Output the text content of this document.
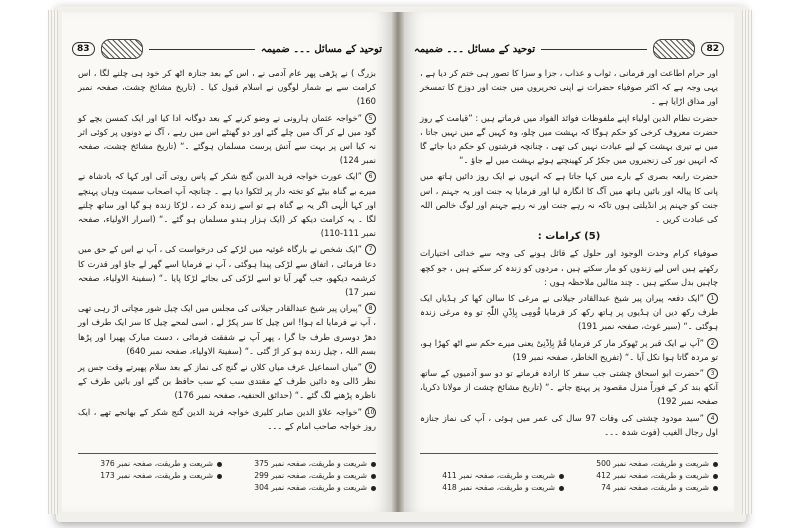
83	توحید کے مسائل ۔۔۔ ضمیمہ

بزرگ ) نے پڑھی پھر عام آدمی نے ، اس کے بعد جنازہ اٹھ کر خود ہی چلنے لگا ، اس کرامت سے بے شمار لوگوں نے اسلام قبول کیا ۔ (تاریخ مشائخ چشت، صفحہ نمبر 160)

5”خواجہ عثمان ہارونی نے وضو کرنے کے بعد دوگانہ ادا کیا اور ایک کمسن بچے کو گود میں لے کر آگ میں چلے گئے اور دو گھنٹے اس میں رہے ، آگ نے دونوں پر کوئی اثر نہ کیا اس پر بہت سے آتش پرست مسلمان ہوگئے ۔“ (تاریخ مشائخ چشت، صفحہ نمبر 124)

6”ایک عورت خواجہ فرید الدین گنج شکر کے پاس روتی آئی اور کہا کہ بادشاہ نے میرے بے گناہ بیٹے کو تختہ دار پر لٹکوا دیا ہے ۔ چنانچہ آپ اصحاب سمیت وہاں پہنچے اور کہا الٰہی اگر یہ بے گناہ ہے تو اسے زندہ کر دے ، لڑکا زندہ ہو گیا اور ساتھ چلنے لگا ۔ یہ کرامت دیکھ کر (ایک ہزار ہندو مسلمان ہو گئے ۔“ (اسرار الاولیاء، صفحہ نمبر 111-110)

7”ایک شخص نے بارگاہ غوثیہ میں لڑکے کی درخواست کی ، آپ نے اس کے حق میں دعا فرمائی ، اتفاق سے لڑکی پیدا ہوگئی ، آپ نے فرمایا اسے گھر لے جاؤ اور قدرت کا کرشمہ دیکھو، جب گھر آیا تو اسے لڑکی کی بجائے لڑکا پایا ۔“ (سفینۃ الاولیاء، صفحہ نمبر 17)

8”پیران پیر شیخ عبدالقادر جیلانی کی مجلس میں ایک چیل شور مچاتی اڑ رہی تھی ، آپ نے فرمایا اے ہوا! اس چیل کا سر پکڑ لے ، اسی لمحے چیل کا سر ایک طرف اور دھڑ دوسری طرف جا گرا ، پھر آپ نے شفقت فرمائی ، دست مبارک پھیرا اور پڑھا بسم اللہ ، چیل زندہ ہو کر اڑ گئی ۔“ (سفینۃ الاولیاء، صفحہ نمبر 640)

9”میاں اسماعیل عرف میاں کلاں نے گنج کی نماز کے بعد سلام پھیرتے وقت جس پر نظر ڈالی وہ دائیں طرف کے مقتدی سب کے سب حافظ بن گئے اور بائیں طرف کے ناظرہ پڑھنے لگ گئے ۔“ (حدائق الحنفیہ، صفحہ نمبر 176)

10”خواجہ علاؤ الدین صابر کلیری خواجہ فرید الدین گنج شکر کے بھانجے تھے ، ایک روز خواجہ صاحب امام کے ۔۔۔

شریعت و طریقت، صفحہ نمبر 375
شریعت و طریقت، صفحہ نمبر 376
شریعت و طریقت، صفحہ نمبر 299
شریعت و طریقت، صفحہ نمبر 173
شریعت و طریقت، صفحہ نمبر 304
توحید کے مسائل ۔۔۔ ضمیمہ	82

اور حرام اطاعت اور فرمانی ، ثواب و عذاب ، جزا و سزا کا تصور ہی ختم کر دیا ہے ، یہی وجہ ہے کہ اکثر صوفیاء حضرات نے اپنی تحریروں میں جنت اور دوزخ کا تمسخر اور مذاق اڑایا ہے ۔

حضرت نظام الدین اولیاء اپنے ملفوظات فوائد الفواد میں فرماتے ہیں : ”قیامت کے روز حضرت معروف کرخی کو حکم ہوگا کہ بہشت میں چلو، وہ کہیں گے میں نہیں جاتا ، میں نے تیری بہشت کے لیے عبادت نہیں کی تھی ، چنانچہ فرشتوں کو حکم دیا جائے گا کہ انہیں نور کی زنجیروں میں جکڑ کر کھینچتے ہوئے بہشت میں لے جاؤ ۔“

حضرت رابعہ بصری کے بارے میں کہا جاتا ہے کہ انہوں نے ایک روز دائیں ہاتھ میں پانی کا پیالہ اور بائیں ہاتھ میں آگ کا انگارہ لیا اور فرمایا یہ جنت اور یہ جہنم ، اس جنت کو جہنم پر انڈیلتی ہوں تاکہ نہ رہے جنت اور نہ رہے جہنم اور لوگ خالص اللہ کی عبادت کریں ۔

(5) کرامات :

صوفیاء کرام وحدت الوجود اور حلول کے قائل ہونے کی وجہ سے خدائی اختیارات رکھتے ہیں اس لیے زندوں کو مار سکتے ہیں ، مردوں کو زندہ کر سکتے ہیں ، جو کچھ چاہیں بدل سکتے ہیں ۔ چند مثالیں ملاحظہ ہوں :

1”ایک دفعہ پیران پیر شیخ عبدالقادر جیلانی نے مرغی کا سالن کھا کر ہڈیاں ایک طرف رکھ دیں ان ہڈیوں پر ہاتھ رکھ کر فرمایا قُومِی بِاِذْنِ اللّٰہِ تو وہ مرغی زندہ ہوگئی ۔“ (سیر غوث، صفحہ نمبر 191)

2”آپ نے ایک قبر پر ٹھوکر مار کر فرمایا قُمْ بِاِذْنِیْ یعنی میرے حکم سے اٹھ کھڑا ہو، تو مردہ گاتا ہوا نکل آیا ۔“ (تفریح الخاطر، صفحہ نمبر 19)

3”حضرت ابو اسحاق چشتی جب سفر کا ارادہ فرماتے تو دو سو آدمیوں کے ساتھ آنکھ بند کر کے فوراً منزل مقصود پر پہنچ جاتے ۔“ (تاریخ مشائخ چشت از مولانا ذکریا، صفحہ نمبر 192)

4”سید مودود چشتی کی وفات 97 سال کی عمر میں ہوئی ، آپ کی نماز جنازہ اول رجال الغیب (فوت شدہ ۔۔۔

شریعت و طریقت، صفحہ نمبر 500
شریعت و طریقت، صفحہ نمبر 412
شریعت و طریقت، صفحہ نمبر 411
شریعت و طریقت، صفحہ نمبر 74
شریعت و طریقت، صفحہ نمبر 418
